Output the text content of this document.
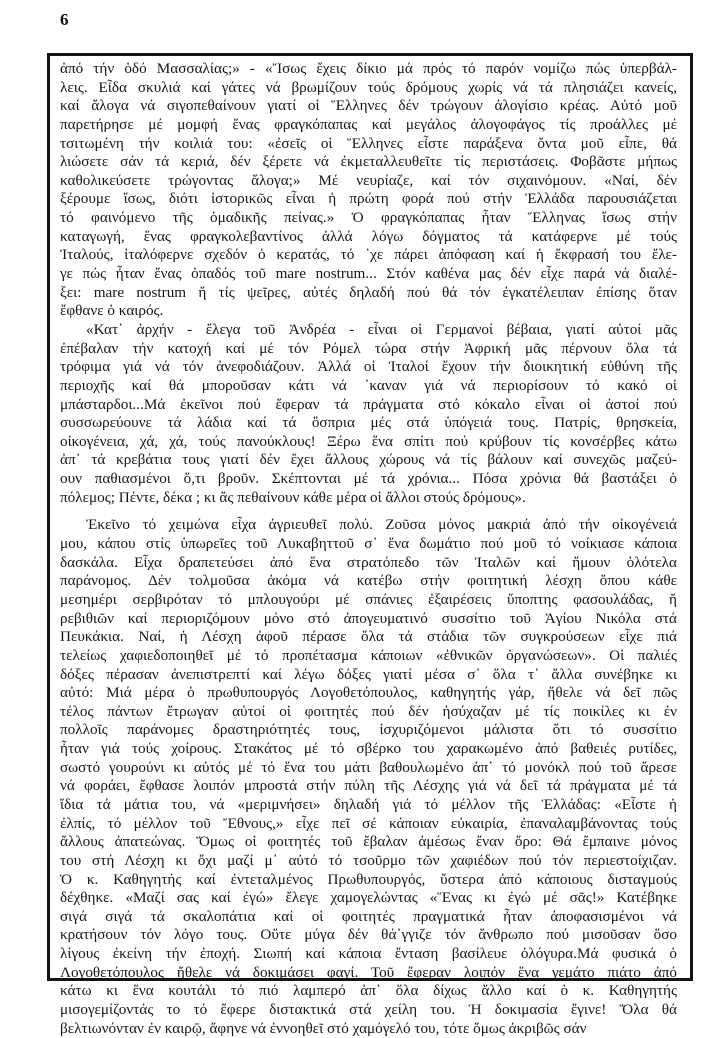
6
ἀπό τήν ὁδό Μασσαλίας;» - «Ἴσως ἔχεις δίκιο μά πρός τό παρόν νομίζω πώς ὑπερβάλ-
λεις. Εἶδα σκυλιά καί γάτες νά βρωμίζουν τούς δρόμους χωρίς νά τά πλησιάζει κανείς,
καί ἄλογα νά σιγοπεθαίνουν γιατί οἱ Ἕλληνες δέν τρώγουν ἀλογίσιο κρέας. Αὐτό μοῦ
παρετήρησε μέ μομφή ἕνας φραγκόπαπας καί μεγάλος ἀλογοφάγος τίς προάλλες μέ
τσιτωμένη τήν κοιλιά του: «ἐσεῖς οἱ Ἕλληνες εἶστε παράξενα ὄντα μοῦ εἶπε, θά
λιώσετε σάν τά κεριά, δέν ξέρετε νά ἐκμεταλλευθεῖτε τίς περιστάσεις. Φοβᾶστε μήπως
καθολικεύσετε τρώγοντας ἄλογα;» Μέ νευρίαζε, καί τόν σιχαινόμουν. «Ναί, δέν
ξέρουμε ἴσως, διότι ἱστορικῶς εἶναι ἡ πρώτη φορά πού στήν Ἑλλάδα παρουσιάζεται
τό φαινόμενο τῆς ὁμαδικῆς πείνας.» Ὁ φραγκόπαπας ἦταν Ἕλληνας ἴσως στήν
καταγωγή, ἕνας φραγκολεβαντίνος ἀλλά λόγω δόγματος τά κατάφερνε μέ τούς
Ἰταλούς, ἰταλόφερνε σχεδόν ὁ κερατάς, τό ᾽χε πάρει ἀπόφαση καί ἡ ἔκφρασή του ἔλε-
γε πώς ἦταν ἕνας ὀπαδός τοῦ mare nostrum... Στόν καθένα μας δέν εἶχε παρά νά διαλέ-
ξει: mare nostrum ἤ τίς ψεῖρες, αὐτές δηλαδή πού θά τόν ἐγκατέλειπαν ἐπίσης ὅταν
ἔφθανε ὁ καιρός.
«Κατ᾽ ἀρχήν - ἔλεγα τοῦ Ἀνδρέα - εἶναι οἱ Γερμανοί βέβαια, γιατί αὐτοί μᾶς
ἐπέβαλαν τήν κατοχή καί μέ τόν Ρόμελ τώρα στήν Ἀφρική μᾶς πέρνουν ὅλα τά
τρόφιμα γιά νά τόν ἀνεφοδιάζουν. Ἀλλά οἱ Ἰταλοί ἔχουν τήν διοικητική εὐθύνη τῆς
περιοχῆς καί θά μποροῦσαν κάτι νά ᾽καναν γιά νά περιορίσουν τό κακό οἱ
μπάσταρδοι...Μά ἐκεῖνοι πού ἔφεραν τά πράγματα στό κόκαλο εἶναι οἱ ἀστοί πού
συσσωρεύουνε τά λάδια καί τά ὄσπρια μές στά ὑπόγειά τους. Πατρίς, θρησκεία,
οἰκογένεια, χά, χά, τούς πανούκλους! Ξέρω ἕνα σπίτι πού κρύβουν τίς κονσέρβες κάτω
ἀπ᾽ τά κρεβάτια τους γιατί δέν ἔχει ἄλλους χώρους νά τίς βάλουν καί συνεχῶς μαζεύ-
ουν παθιασμένοι ὅ,τι βροῦν. Σκέπτονται μέ τά χρόνια... Πόσα χρόνια θά βαστάξει ὁ
πόλεμος; Πέντε, δέκα ; κι ἄς πεθαίνουν κάθε μέρα οἱ ἄλλοι στούς δρόμους».
Ἐκεῖνο τό χειμώνα εἶχα ἀγριευθεῖ πολύ. Ζοῦσα μόνος μακριά ἀπό τήν οἰκογένειά
μου, κάπου στίς ὑπωρεῖες τοῦ Λυκαβηττοῦ σ᾽ ἕνα δωμάτιο πού μοῦ τό νοίκιασε κάποια
δασκάλα. Εἶχα δραπετεύσει ἀπό ἕνα στρατόπεδο τῶν Ἰταλῶν καί ἤμουν ὁλότελα
παράνομος. Δέν τολμοῦσα ἀκόμα νά κατέβω στήν φοιτητική λέσχη ὅπου κάθε
μεσημέρι σερβιρόταν τό μπλουγούρι μέ σπάνιες ἐξαιρέσεις ὕποπτης φασουλάδας, ἤ
ρεβιθιῶν καί περιοριζόμουν μόνο στό ἀπογευματινό συσσίτιο τοῦ Ἁγίου Νικόλα στά
Πευκάκια. Ναί, ἡ Λέσχη ἀφοῦ πέρασε ὅλα τά στάδια τῶν συγκρούσεων εἶχε πιά
τελείως χαφιεδοποιηθεῖ μέ τό προπέτασμα κάποιων «ἐθνικῶν ὀργανώσεων». Οἱ παλιές
δόξες πέρασαν ἀνεπιστρεπτί καί λέγω δόξες γιατί μέσα σ᾽ ὅλα τ᾽ ἄλλα συνέβηκε κι
αὐτό: Μιά μέρα ὁ πρωθυπουργός Λογοθετόπουλος, καθηγητής γάρ, ἤθελε νά δεῖ πῶς
τέλος πάντων ἔτρωγαν αὐτοί οἱ φοιτητές πού δέν ἡσύχαζαν μέ τίς ποικίλες κι ἐν
πολλοῖς παράνομες δραστηριότητές τους, ἰσχυριζόμενοι μάλιστα ὅτι τό συσσίτιο
ἦταν γιά τούς χοίρους. Στακάτος μέ τό σβέρκο του χαρακωμένο ἀπό βαθειές ρυτίδες,
σωστό γουρούνι κι αὐτός μέ τό ἕνα του μάτι βαθουλωμένο ἀπ᾽ τό μονόκλ πού τοῦ ἄρεσε
νά φοράει, ἔφθασε λοιπόν μπροστά στήν πύλη τῆς Λέσχης γιά νά δεῖ τά πράγματα μέ τά
ἴδια τά μάτια του, νά «μεριμνήσει» δηλαδή γιά τό μέλλον τῆς Ἑλλάδας: «Εἶστε ἡ
ἐλπίς, τό μέλλον τοῦ Ἔθνους,» εἶχε πεῖ σέ κάποιαν εὐκαιρία, ἐπαναλαμβάνοντας τούς
ἄλλους ἀπατεώνας. Ὅμως οἱ φοιτητές τοῦ ἔβαλαν ἀμέσως ἕναν ὅρο: Θά ἔμπαινε μόνος
του στή Λέσχη κι ὄχι μαζί μ᾽ αὐτό τό τσοῦρμο τῶν χαφιέδων πού τόν περιεστοίχιζαν.
Ὁ κ. Καθηγητής καί ἐντεταλμένος Πρωθυπουργός, ὕστερα ἀπό κάποιους δισταγμούς
δέχθηκε. «Μαζί σας καί ἐγώ» ἔλεγε χαμογελώντας «Ἕνας κι ἐγώ μέ σᾶς!» Κατέβηκε
σιγά σιγά τά σκαλοπάτια καί οἱ φοιτητές πραγματικά ἦταν ἀποφασισμένοι νά
κρατήσουν τόν λόγο τους. Οὔτε μύγα δέν θά᾽γγιζε τόν ἄνθρωπο πού μισοῦσαν ὅσο
λίγους ἐκείνη τήν ἐποχή. Σιωπή καί κάποια ἔνταση βασίλευε ὁλόγυρα.Μά φυσικά ὁ
Λογοθετόπουλος ἤθελε νά δοκιμάσει φαγί. Τοῦ ἔφεραν λοιπόν ἕνα γεμάτο πιάτο ἀπό
κάτω κι ἕνα κουτάλι τό πιό λαμπερό ἀπ᾽ ὅλα δίχως ἄλλο καί ὁ κ. Καθηγητής
μισογεμίζοντάς το τό ἔφερε διστακτικά στά χείλη του. Ἡ δοκιμασία ἔγινε! Ὅλα θά
βελτιωνόνταν ἐν καιρῷ, ἄφηνε νά ἐννοηθεῖ στό χαμόγελό του, τότε ὅμως ἀκριβῶς σάν
